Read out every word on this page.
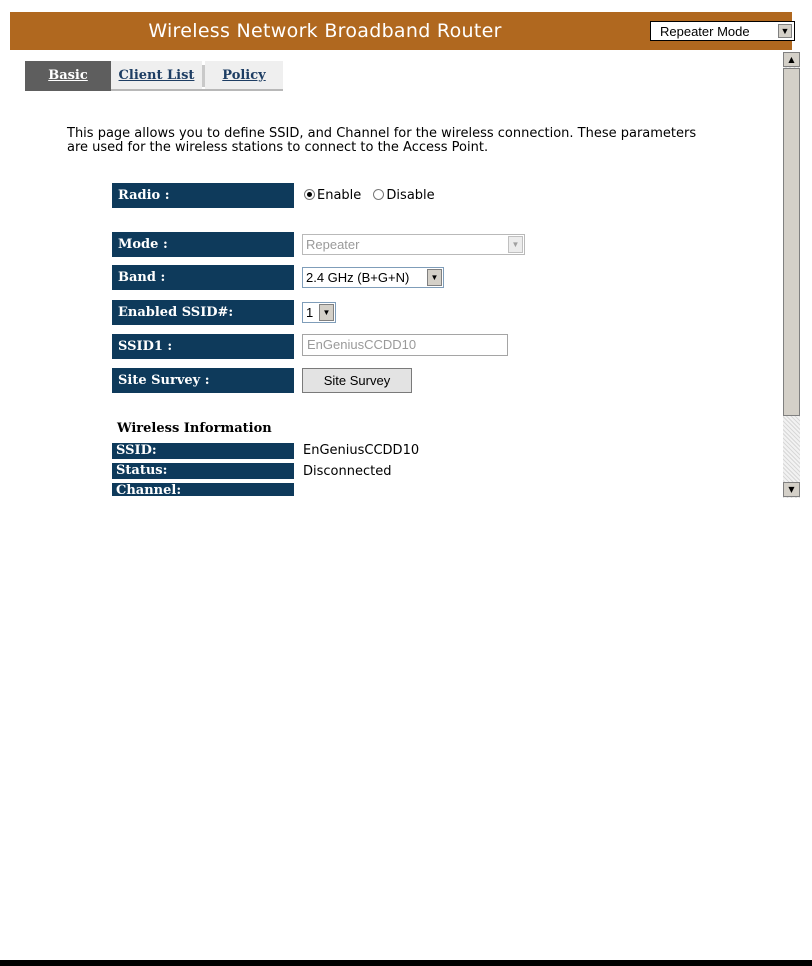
Wireless Network Broadband Router	Repeater Mode	▼
Basic	Client List	Policy
▲
▼
This page allows you to define SSID, and Channel for the wireless connection. These parameters are used for the wireless stations to connect to the Access Point.
Radio :	Enable Disable
Mode :	Repeater	▼
Band :	2.4 GHz (B+G+N)	▼
Enabled SSID#:	1	▼
SSID1 :	EnGeniusCCDD10
Site Survey :	Site Survey
Wireless Information
SSID:	EnGeniusCCDD10
Status:	Disconnected
Channel:
